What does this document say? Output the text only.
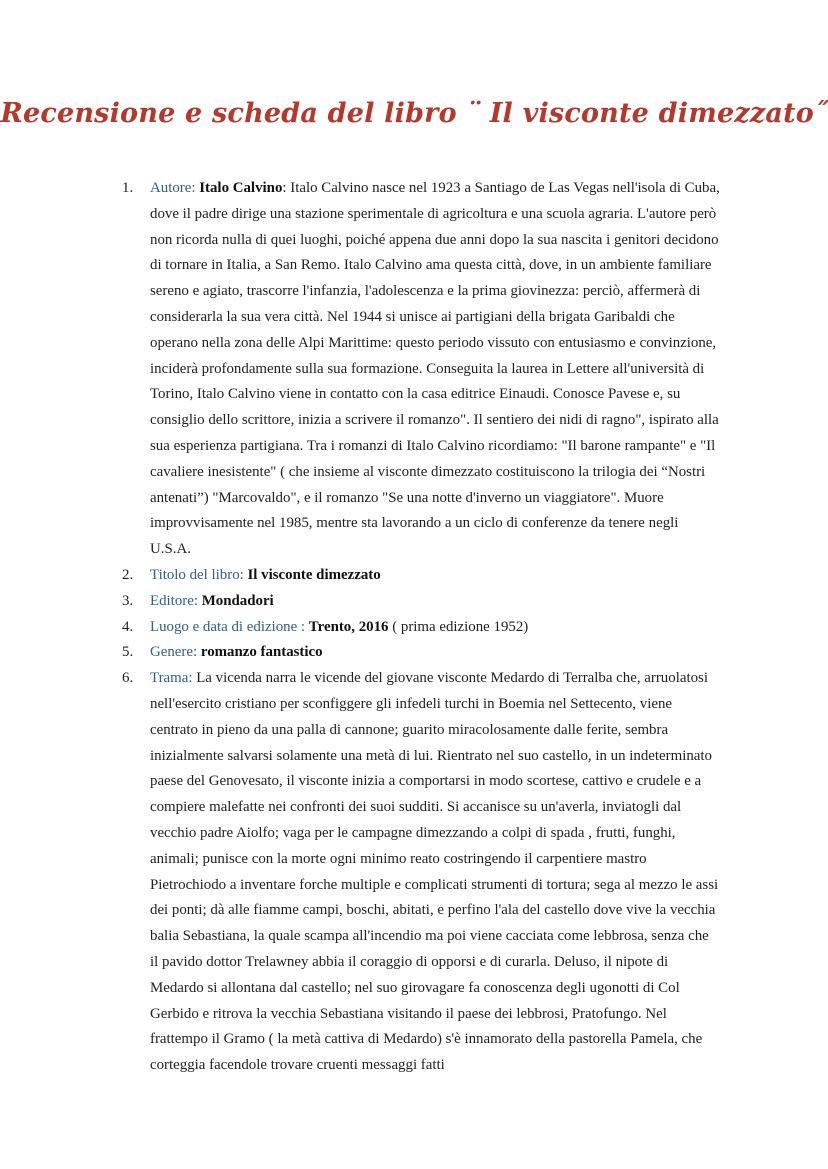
Recensione e scheda del libro ¨ Il visconte dimezzato˝
1. Autore: Italo Calvino: Italo Calvino nasce nel 1923 a Santiago de Las Vegas nell'isola di Cuba, dove il padre dirige una stazione sperimentale di agricoltura e una scuola agraria. L'autore però non ricorda nulla di quei luoghi, poiché appena due anni dopo la sua nascita i genitori decidono di tornare in Italia, a San Remo. Italo Calvino ama questa città, dove, in un ambiente familiare sereno e agiato, trascorre l'infanzia, l'adolescenza e la prima giovinezza: perciò, affermerà di considerarla la sua vera città. Nel 1944 si unisce ai partigiani della brigata Garibaldi che operano nella zona delle Alpi Marittime: questo periodo vissuto con entusiasmo e convinzione, inciderà profondamente sulla sua formazione. Conseguita la laurea in Lettere all'università di Torino, Italo Calvino viene in contatto con la casa editrice Einaudi. Conosce Pavese e, su consiglio dello scrittore, inizia a scrivere il romanzo". Il sentiero dei nidi di ragno", ispirato alla sua esperienza partigiana. Tra i romanzi di Italo Calvino ricordiamo: "Il barone rampante" e "Il cavaliere inesistente" ( che insieme al visconte dimezzato costituiscono la trilogia dei “Nostri antenati”) "Marcovaldo", e il romanzo "Se una notte d'inverno un viaggiatore". Muore improvvisamente nel 1985, mentre sta lavorando a un ciclo di conferenze da tenere negli U.S.A.
2. Titolo del libro: Il visconte dimezzato
3. Editore: Mondadori
4. Luogo e data di edizione : Trento, 2016 ( prima edizione 1952)
5. Genere: romanzo fantastico
6. Trama: La vicenda narra le vicende del giovane visconte Medardo di Terralba che, arruolatosi nell'esercito cristiano per sconfiggere gli infedeli turchi in Boemia nel Settecento, viene centrato in pieno da una palla di cannone; guarito miracolosamente dalle ferite, sembra inizialmente salvarsi solamente una metà di lui. Rientrato nel suo castello, in un indeterminato paese del Genovesato, il visconte inizia a comportarsi in modo scortese, cattivo e crudele e a compiere malefatte nei confronti dei suoi sudditi. Si accanisce su un'averla, inviatogli dal vecchio padre Aiolfo; vaga per le campagne dimezzando a colpi di spada , frutti, funghi, animali; punisce con la morte ogni minimo reato costringendo il carpentiere mastro Pietrochiodo a inventare forche multiple e complicati strumenti di tortura; sega al mezzo le assi dei ponti; dà alle fiamme campi, boschi, abitati, e perfino l'ala del castello dove vive la vecchia balia Sebastiana, la quale scampa all'incendio ma poi viene cacciata come lebbrosa, senza che il pavido dottor Trelawney abbia il coraggio di opporsi e di curarla. Deluso, il nipote di Medardo si allontana dal castello; nel suo girovagare fa conoscenza degli ugonotti di Col Gerbido e ritrova la vecchia Sebastiana visitando il paese dei lebbrosi, Pratofungo. Nel frattempo il Gramo ( la metà cattiva di Medardo) s'è innamorato della pastorella Pamela, che corteggia facendole trovare cruenti messaggi fatti
